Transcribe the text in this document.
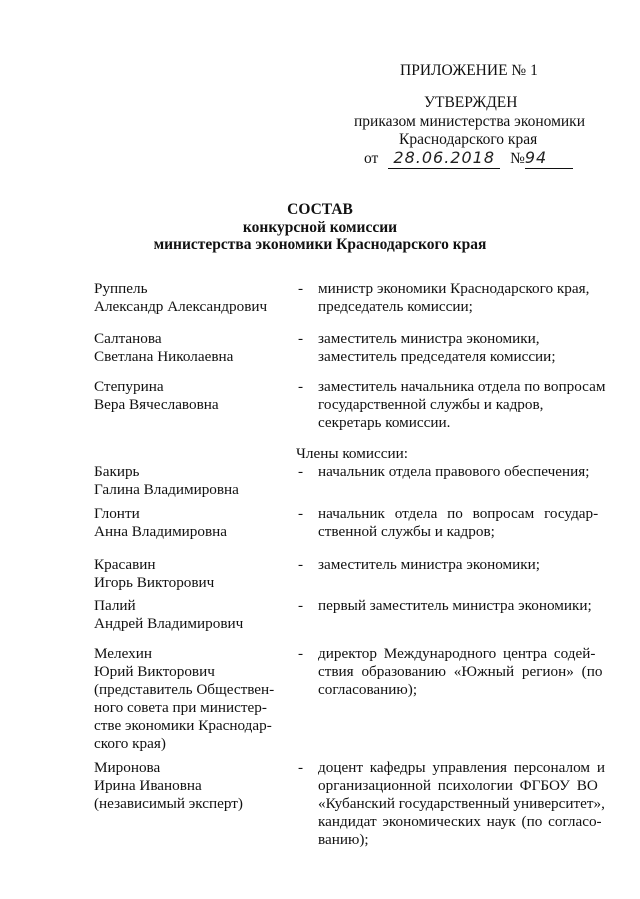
ПРИЛОЖЕНИЕ № 1
УТВЕРЖДЕН
приказом министерства экономики
Краснодарского края
от 28.06.2018 №94
СОСТАВ
конкурсной комиссии
министерства экономики Краснодарского края
Руппель
Александр Александрович
- министр экономики Краснодарского края,
председатель комиссии;
Салтанова
Светлана Николаевна
- заместитель министра экономики,
заместитель председателя комиссии;
Степурина
Вера Вячеславовна
- заместитель начальника отдела по вопросам
государственной службы и кадров,
секретарь комиссии.
Члены комиссии:
Бакирь
Галина Владимировна
- начальник отдела правового обеспечения;
Глонти
Анна Владимировна
- начальник отдела по вопросам государ-
ственной службы и кадров;
Красавин
Игорь Викторович
- заместитель министра экономики;
Палий
Андрей Владимирович
- первый заместитель министра экономики;
Мелехин
Юрий Викторович
(представитель Обществен-
ного совета при министер-
стве экономики Краснодар-
ского края)
- директор Международного центра содей-
ствия образованию «Южный регион» (по
согласованию);
Миронова
Ирина Ивановна
(независимый эксперт)
- доцент кафедры управления персоналом и
организационной психологии ФГБОУ ВО
«Кубанский государственный университет»,
кандидат экономических наук (по согласо-
ванию);
